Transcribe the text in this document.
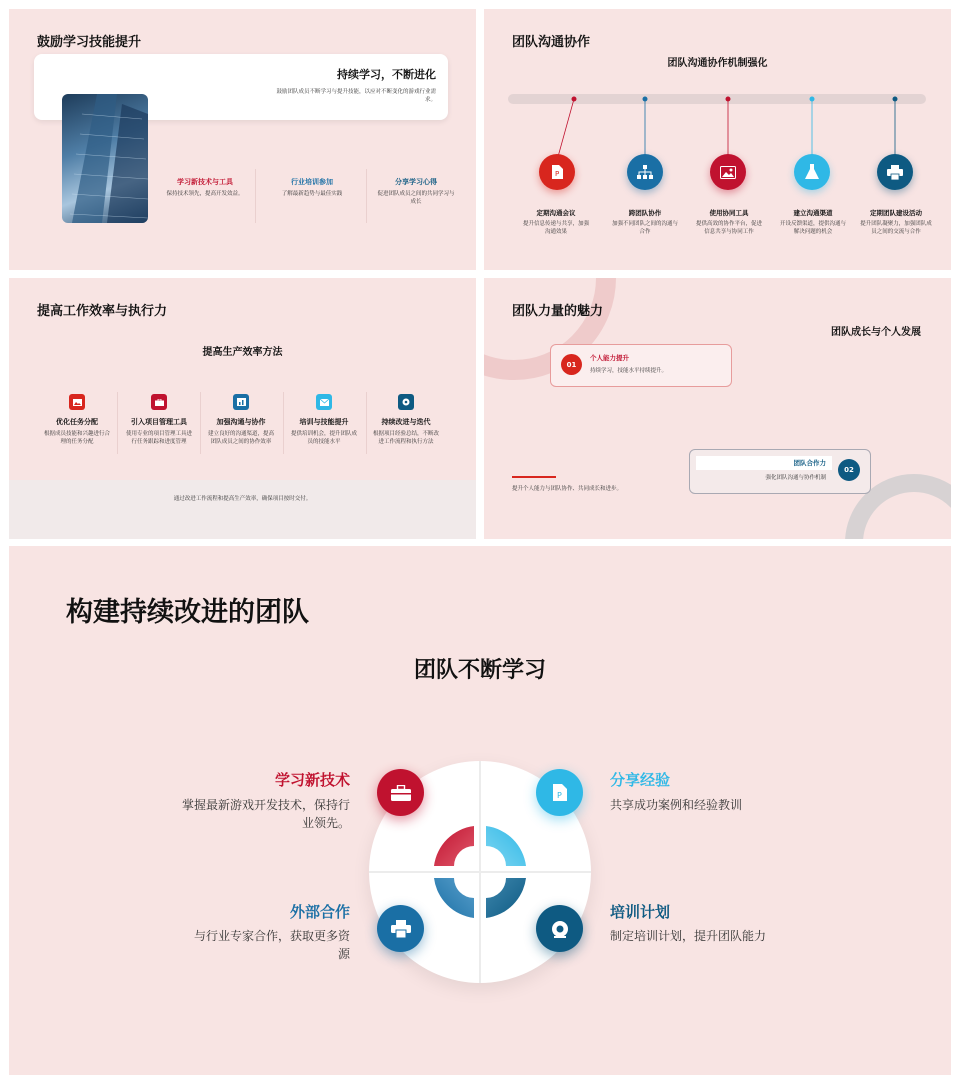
鼓励学习技能提升
持续学习，不断进化
鼓励团队成员不断学习与提升技能，以应对不断变化的游戏行业需求。
学习新技术与工具
保持技术领先，提高开发效益。
行业培训参加
了解最新趋势与最佳实践
分享学习心得
促进团队成员之间的共同学习与成长
团队沟通协作
团队沟通协作机制强化
P
定期沟通会议
提升信息传递与共享，加强沟通效果
跨团队协作
加强不同团队之间的沟通与合作
使用协同工具
提供高效的协作平台，促进信息共享与协同工作
建立沟通渠道
开设反馈渠道，提供沟通与解决问题的机会
定期团队建设活动
提升团队凝聚力，加强团队成员之间的交流与合作
提高工作效率与执行力
提高生产效率方法
优化任务分配
根据成员技能和兴趣进行合理的任务分配
引入项目管理工具
使用专业的项目管理工具进行任务跟踪和进度管理
加强沟通与协作
建立良好的沟通渠道，提高团队成员之间的协作效率
培训与技能提升
提供培训机会，提升团队成员的技能水平
持续改进与迭代
根据项目经验总结，不断改进工作流程和执行方法
通过改进工作流程和提高生产效率，确保项目按时交付。
团队力量的魅力
团队成长与个人发展
01
个人能力提升
持续学习，技能水平持续提升。
团队合作力
强化团队沟通与协作机制
02
提升个人能力与团队协作、共同成长和进步。
构建持续改进的团队
团队不断学习
P
学习新技术
掌握最新游戏开发技术，保持行业领先。
分享经验
共享成功案例和经验教训
外部合作
与行业专家合作，获取更多资源
培训计划
制定培训计划，提升团队能力
